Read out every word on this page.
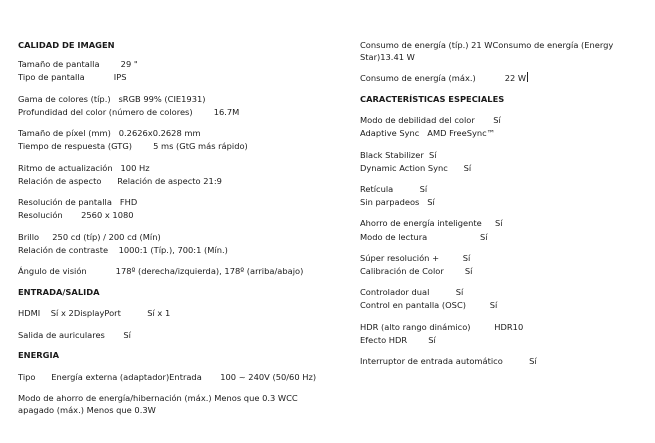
CALIDAD DE IMAGEN
Tamaño de pantalla        29 "
Tipo de pantalla           IPS
Gama de colores (típ.)   sRGB 99% (CIE1931)
Profundidad del color (número de colores)        16.7M
Tamaño de píxel (mm)   0.2626x0.2628 mm
Tiempo de respuesta (GTG)        5 ms (GtG más rápido)
Ritmo de actualización   100 Hz
Relación de aspecto      Relación de aspecto 21:9
Resolución de pantalla   FHD
Resolución       2560 x 1080
Brillo     250 cd (típ) / 200 cd (Mín)
Relación de contraste    1000:1 (Típ.), 700:1 (Mín.)
Ángulo de visión           178º (derecha/izquierda), 178º (arriba/abajo)
ENTRADA/SALIDA
HDMI    Sí x 2DisplayPort          Sí x 1
Salida de auriculares       Sí
ENERGIA
Tipo      Energía externa (adaptador)Entrada       100 ~ 240V (50/60 Hz)
Modo de ahorro de energía/hibernación (máx.) Menos que 0.3 WCC
apagado (máx.) Menos que 0.3W
Consumo de energía (típ.) 21 WConsumo de energía (Energy Star)13.41 W
Consumo de energía (máx.)           22 W
CARACTERÍSTICAS ESPECIALES
Modo de debilidad del color       Sí
Adaptive Sync   AMD FreeSync™
Black Stabilizer  Sí
Dynamic Action Sync      Sí
Retícula          Sí
Sin parpadeos   Sí
Ahorro de energía inteligente     Sí
Modo de lectura                    Sí
Súper resolución +         Sí
Calibración de Color        Sí
Controlador dual          Sí
Control en pantalla (OSC)         Sí
HDR (alto rango dinámico)         HDR10
Efecto HDR        Sí
Interruptor de entrada automático          Sí
